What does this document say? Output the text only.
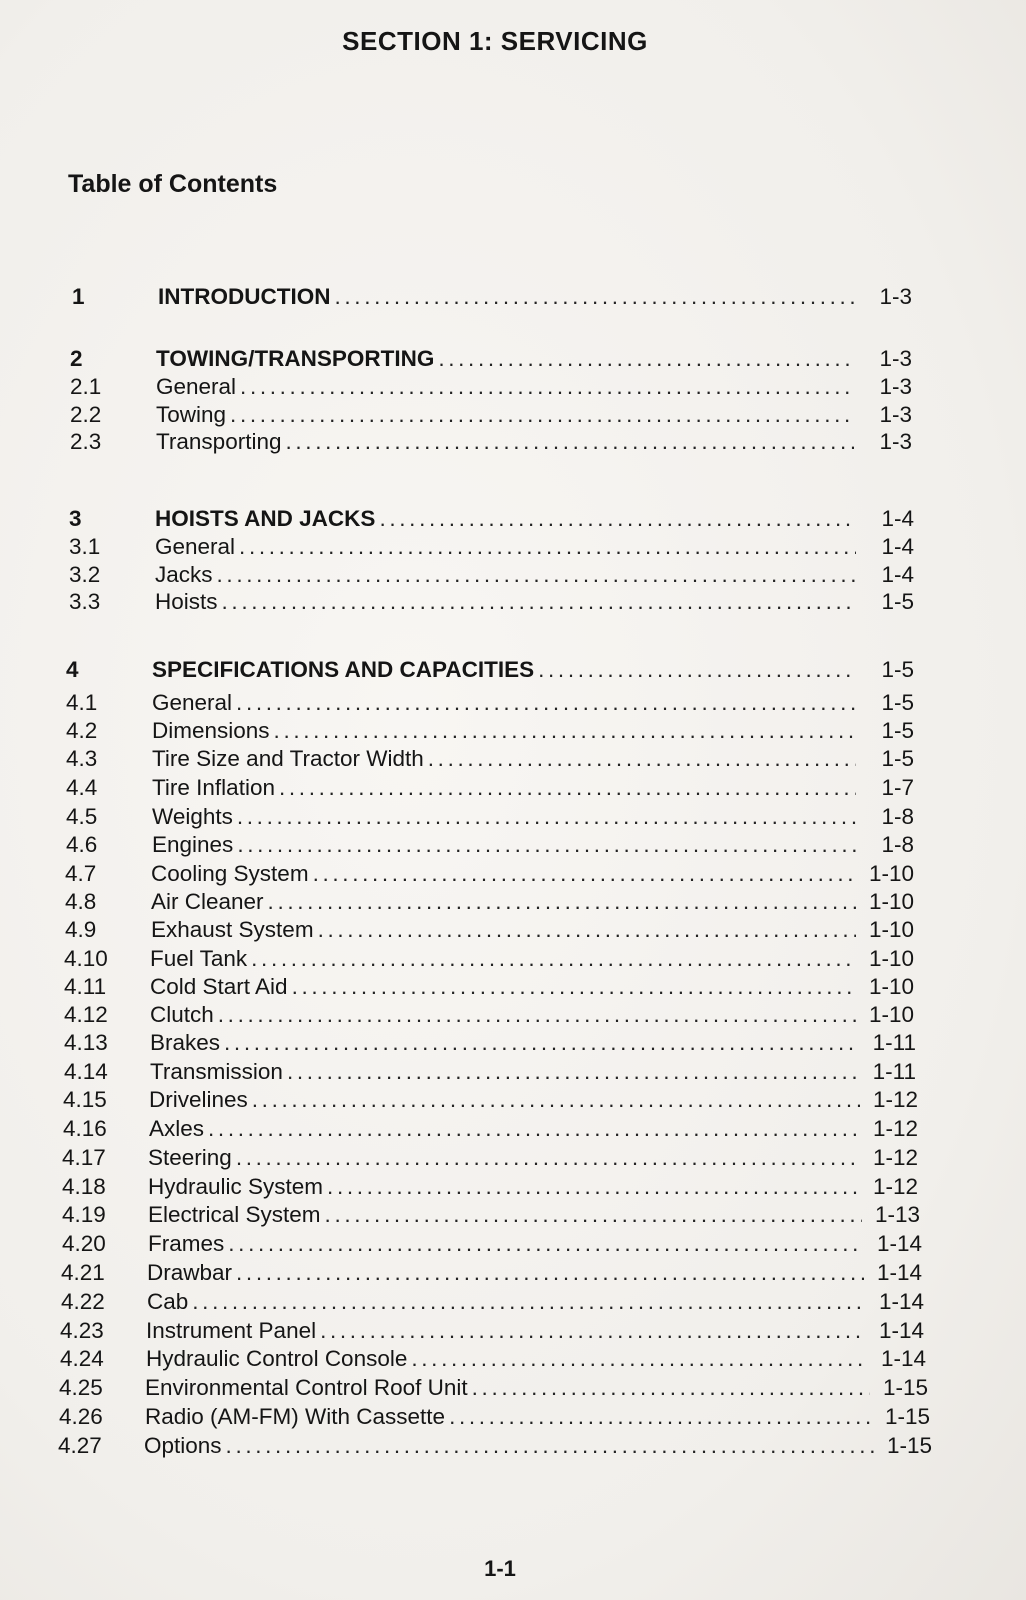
SECTION 1: SERVICING
Table of Contents
1	INTRODUCTION . . .	1-3
2	TOWING/TRANSPORTING . . .	1-3
2.1	General . . .	1-3
2.2	Towing . . .	1-3
2.3	Transporting . . .	1-3
3	HOISTS AND JACKS . . .	1-4
3.1	General . . .	1-4
3.2	Jacks . . .	1-4
3.3	Hoists . . .	1-5
4	SPECIFICATIONS AND CAPACITIES . . .	1-5
4.1	General . . .	1-5
4.2	Dimensions . . .	1-5
4.3	Tire Size and Tractor Width . . .	1-5
4.4	Tire Inflation . . .	1-7
4.5	Weights . . .	1-8
4.6	Engines . . .	1-8
4.7	Cooling System . . .	1-10
4.8	Air Cleaner . . .	1-10
4.9	Exhaust System . . .	1-10
4.10	Fuel Tank . . .	1-10
4.11	Cold Start Aid . . .	1-10
4.12	Clutch . . .	1-10
4.13	Brakes . . .	1-11
4.14	Transmission . . .	1-11
4.15	Drivelines . . .	1-12
4.16	Axles . . .	1-12
4.17	Steering . . .	1-12
4.18	Hydraulic System . . .	1-12
4.19	Electrical System . . .	1-13
4.20	Frames . . .	1-14
4.21	Drawbar . . .	1-14
4.22	Cab . . .	1-14
4.23	Instrument Panel . . .	1-14
4.24	Hydraulic Control Console . . .	1-14
4.25	Environmental Control Roof Unit . . .	1-15
4.26	Radio (AM-FM) With Cassette . . .	1-15
4.27	Options . . .	1-15
1-1
